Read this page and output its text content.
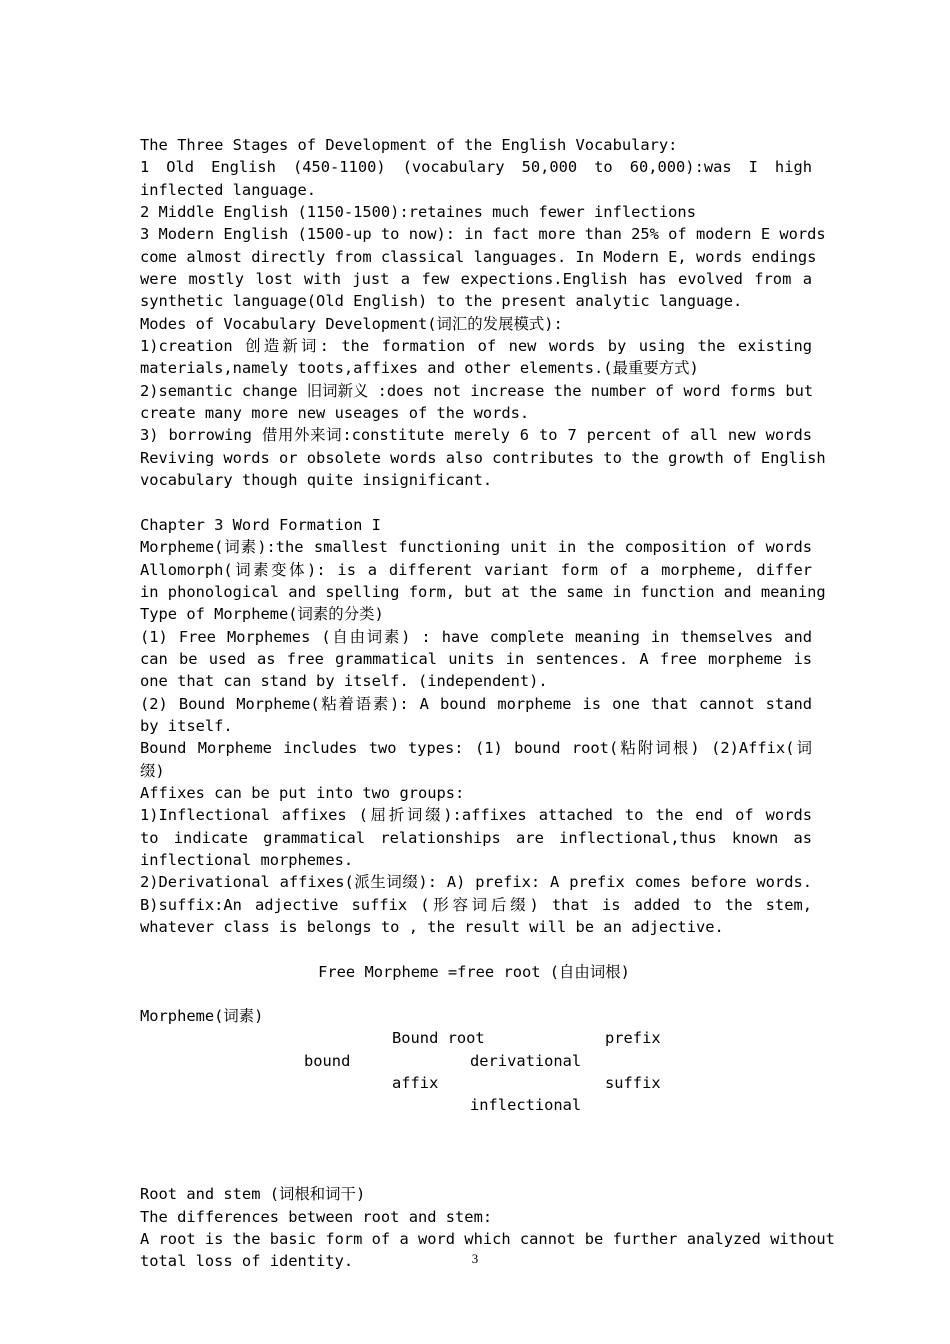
The Three Stages of Development of the English Vocabulary:
1 Old English (450-1100) (vocabulary 50,000 to 60,000):was I high
inflected language.
2 Middle English (1150-1500):retaines much fewer inflections
3 Modern English (1500-up to now): in fact more than 25% of modern E words
come almost directly from classical languages. In Modern E, words endings
were mostly lost with just a few expections.English has evolved from a
synthetic language(Old English) to the present analytic language.
Modes of Vocabulary Development(词汇的发展模式):
1)creation 创造新词: the formation of new words by using the existing
materials,namely toots,affixes and other elements.(最重要方式)
2)semantic change 旧词新义 :does not increase the number of word forms but
create many more new useages of the words.
3) borrowing 借用外来词:constitute merely 6 to 7 percent of all new words
Reviving words or obsolete words also contributes to the growth of English
vocabulary though quite insignificant.
Chapter 3 Word Formation I
Morpheme(词素):the smallest functioning unit in the composition of words
Allomorph(词素变体): is a different variant form of a morpheme, differ
in phonological and spelling form, but at the same in function and meaning
Type of Morpheme(词素的分类)
(1) Free Morphemes (自由词素) : have complete meaning in themselves and
can be used as free grammatical units in sentences. A free morpheme is
one that can stand by itself. (independent).
(2) Bound Morpheme(粘着语素): A bound morpheme is one that cannot stand
by itself.
Bound Morpheme includes two types: (1) bound root(粘附词根) (2)Affix(词
缀)
Affixes can be put into two groups:
1)Inflectional affixes (屈折词缀):affixes attached to the end of words
to indicate grammatical relationships are inflectional,thus known as
inflectional morphemes.
2)Derivational affixes(派生词缀): A) prefix: A prefix comes before words.
B)suffix:An adjective suffix (形容词后缀) that is added to the stem,
whatever class is belongs to , the result will be an adjective.
Free Morpheme =free root (自由词根)
Morpheme(词素)
Bound root	prefix
bound	derivational
affix	suffix
inflectional
Root and stem (词根和词干)
The differences between root and stem:
A root is the basic form of a word which cannot be further analyzed without
total loss of identity.	3
